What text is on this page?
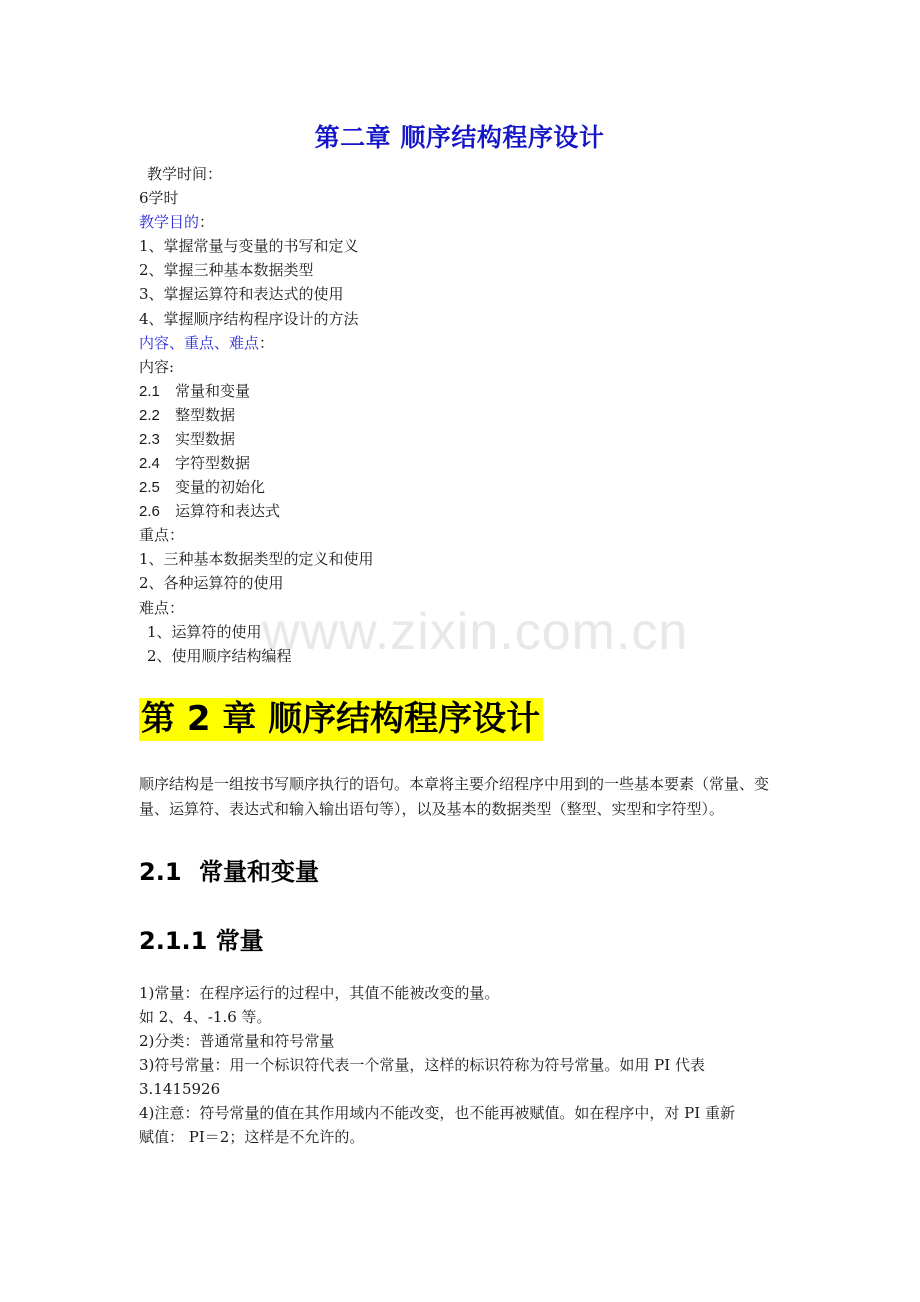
www.zixin.com.cn
第二章 顺序结构程序设计
教学时间：
6学时
教学目的：
1、掌握常量与变量的书写和定义
2、掌握三种基本数据类型
3、掌握运算符和表达式的使用
4、掌握顺序结构程序设计的方法
内容、重点、难点：
内容:
2.1 常量和变量
2.2 整型数据
2.3 实型数据
2.4 字符型数据
2.5 变量的初始化
2.6 运算符和表达式
重点：
1、三种基本数据类型的定义和使用
2、各种运算符的使用
难点：
1、运算符的使用
2、使用顺序结构编程
第 2 章 顺序结构程序设计
顺序结构是一组按书写顺序执行的语句。本章将主要介绍程序中用到的一些基本要素（常量、变量、运算符、表达式和输入输出语句等），以及基本的数据类型（整型、实型和字符型）。
2.1 常量和变量
2.1.1 常量
1)常量：在程序运行的过程中，其值不能被改变的量。
如 2、4、-1.6 等。
2)分类：普通常量和符号常量
3)符号常量：用一个标识符代表一个常量，这样的标识符称为符号常量。如用 PI 代表
3.1415926
4)注意：符号常量的值在其作用域内不能改变，也不能再被赋值。如在程序中，对 PI 重新
赋值： PI＝2；这样是不允许的。
